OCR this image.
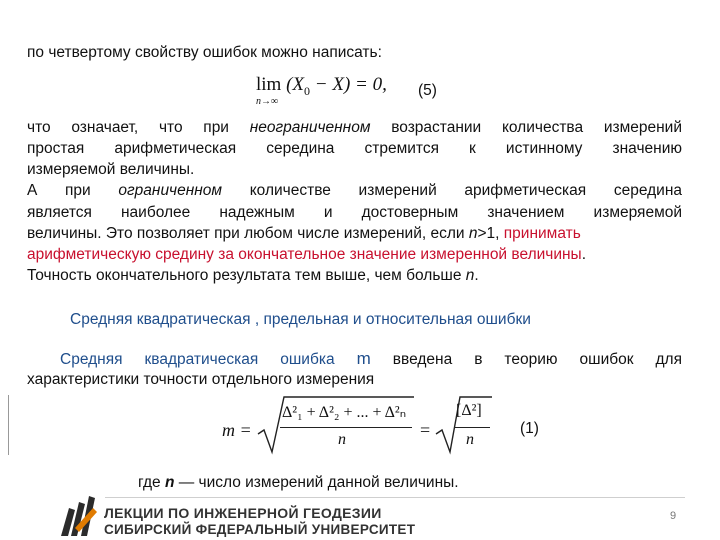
по четвертому свойству ошибок можно написать:
$\lim (X_0 - X) = 0$,
n→∞
(5)
что означает, что при неограниченном возрастании количества измерений
простая арифметическая середина стремится к истинному значению
измеряемой величины.
А при ограниченном количестве измерений арифметическая середина
является наиболее надежным и достоверным значением измеряемой
величины. Это позволяет при любом числе измерений, если n>1, принимать
арифметическую средину за окончательное значение измеренной величины.
Точность окончательного результата тем выше, чем больше n.
Средняя квадратическая , предельная и относительная ошибки
Средняя квадратическая ошибка m введена в теорию ошибок для
характеристики точности отдельного измерения
m =
Δ²₁ + Δ²₂ + ... + Δ²ₙ
n	=
[Δ²]
n
(1)
где n — число измерений данной величины.
ЛЕКЦИИ ПО ИНЖЕНЕРНОЙ ГЕОДЕЗИИ
СИБИРСКИЙ ФЕДЕРАЛЬНЫЙ УНИВЕРСИТЕТ
9
